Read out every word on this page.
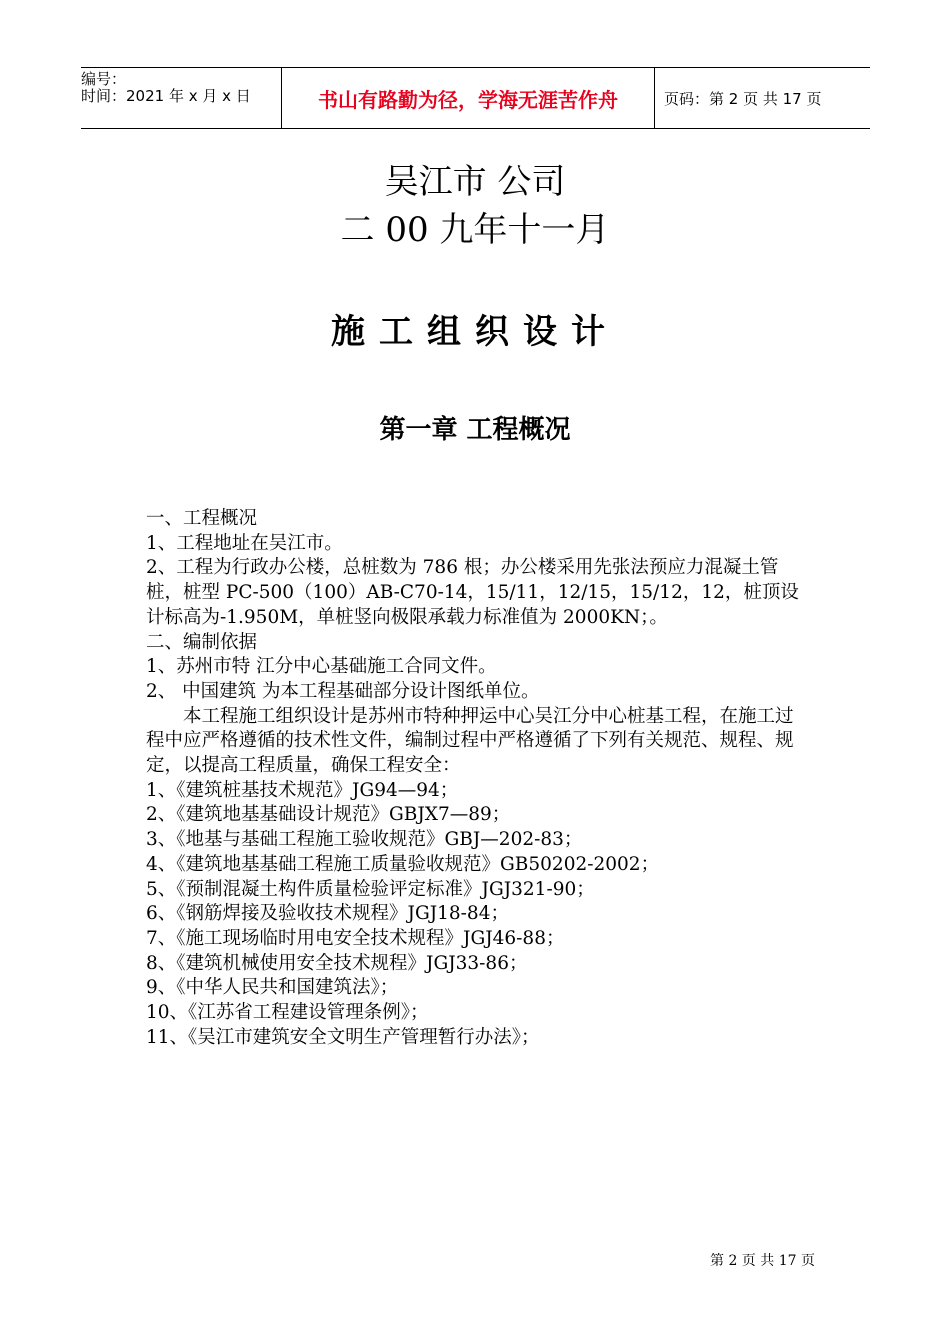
编号：
时间：2021 年 x 月 x 日	书山有路勤为径，学海无涯苦作舟	页码：第 2 页 共 17 页
吴江市 公司
二 00 九年十一月
施工组织设计
第一章 工程概况

一、工程概况

1、工程地址在吴江市。

2、工程为行政办公楼，总桩数为 786 根；办公楼采用先张法预应力混凝土管桩，桩型 PC-500（100）AB-C70-14，15/11，12/15，15/12，12，桩顶设计标高为-1.950M，单桩竖向极限承载力标准值为 2000KN；。

二、编制依据

1、苏州市特 江分中心基础施工合同文件。

2、 中国建筑 为本工程基础部分设计图纸单位。

本工程施工组织设计是苏州市特种押运中心吴江分中心桩基工程，在施工过程中应严格遵循的技术性文件，编制过程中严格遵循了下列有关规范、规程、规定，以提高工程质量，确保工程安全：

1、《建筑桩基技术规范》JG94—94；

2、《建筑地基基础设计规范》GBJX7—89；

3、《地基与基础工程施工验收规范》GBJ—202-83；

4、《建筑地基基础工程施工质量验收规范》GB50202-2002；

5、《预制混凝土构件质量检验评定标准》JGJ321-90；

6、《钢筋焊接及验收技术规程》JGJ18-84；

7、《施工现场临时用电安全技术规程》JGJ46-88；

8、《建筑机械使用安全技术规程》JGJ33-86；

9、《中华人民共和国建筑法》；

10、《江苏省工程建设管理条例》；

11、《吴江市建筑安全文明生产管理暂行办法》；

第 2 页 共 17 页
